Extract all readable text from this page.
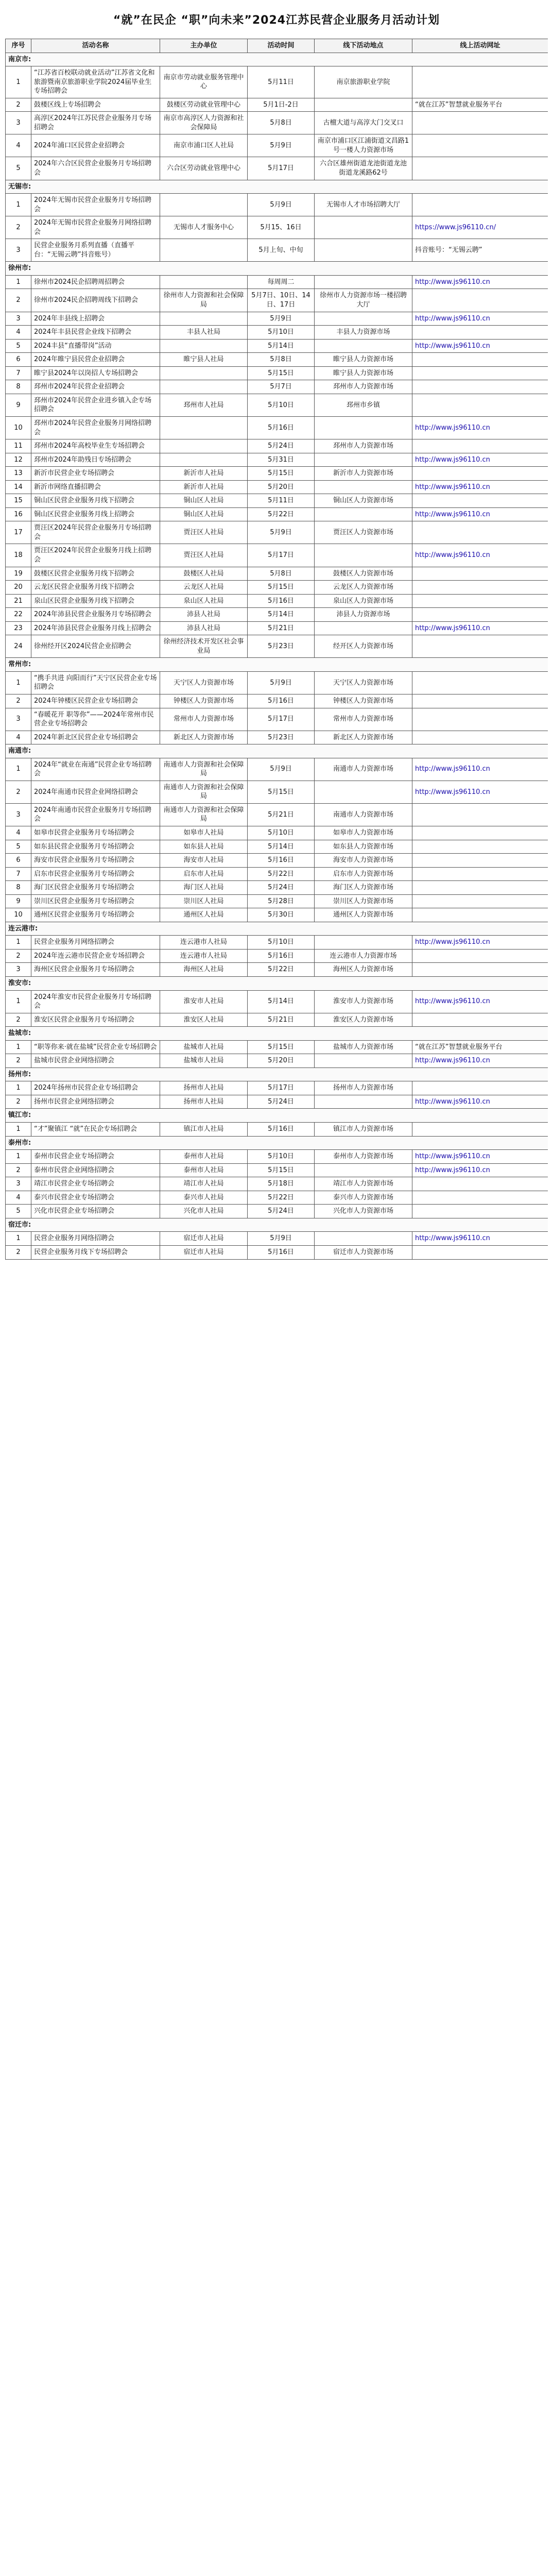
“就”在民企 “职”向未来”2024江苏民营企业服务月活动计划
序号	活动名称	主办单位	活动时间	线下活动地点	线上活动网址
南京市:					
1	“江苏省百校联动就业活动”江苏省文化和旅游暨南京旅游职业学院2024届毕业生专场招聘会	南京市劳动就业服务管理中心	5月11日	南京旅游职业学院	
2	鼓楼区线上专场招聘会	鼓楼区劳动就业管理中心	5月1日-2日		“就在江苏”智慧就业服务平台
3	高淳区2024年江苏民营企业服务月专场招聘会	南京市高淳区人力资源和社会保障局	5月8日	古檀大道与高淳大门交叉口	
4	2024年浦口区民营企业招聘会	南京市浦口区人社局	5月9日	南京市浦口区江浦街道文昌路1号一楼人力资源市场	
5	2024年六合区民营企业服务月专场招聘会	六合区劳动就业管理中心	5月17日	六合区雄州街道龙池街道龙池街道龙溪路62号	
无锡市:					
1	2024年无锡市民营企业服务月专场招聘会		5月9日	无锡市人才市场招聘大厅	
2	2024年无锡市民营企业服务月网络招聘会	无锡市人才服务中心	5月15、16日		https://www.js96110.cn/
3	民营企业服务月系列直播（直播平台：“无锡云聘”抖音账号）		5月上旬、中旬		抖音账号：“无锡云聘”
徐州市:					
1	徐州市2024民企招聘周招聘会		每周周二		http://www.js96110.cn
2	徐州市2024民企招聘周线下招聘会	徐州市人力资源和社会保障局	5月7日、10日、14日、17日	徐州市人力资源市场一楼招聘大厅	
3	2024年丰县线上招聘会		5月9日		http://www.js96110.cn
4	2024年丰县民营企业线下招聘会	丰县人社局	5月10日	丰县人力资源市场	
5	2024丰县“直播带岗”活动		5月14日		http://www.js96110.cn
6	2024年睢宁县民营企业招聘会	睢宁县人社局	5月8日	睢宁县人力资源市场	
7	睢宁县2024年以岗招人专场招聘会		5月15日	睢宁县人力资源市场	
8	邳州市2024年民营企业招聘会		5月7日	邳州市人力资源市场	
9	邳州市2024年民营企业进乡镇入企专场招聘会	邳州市人社局	5月10日	邳州市乡镇	
10	邳州市2024年民营企业服务月网络招聘会		5月16日		http://www.js96110.cn
11	邳州市2024年高校毕业生专场招聘会		5月24日	邳州市人力资源市场	
12	邳州市2024年助残日专场招聘会		5月31日		http://www.js96110.cn
13	新沂市民营企业专场招聘会	新沂市人社局	5月15日	新沂市人力资源市场	
14	新沂市网络直播招聘会	新沂市人社局	5月20日		http://www.js96110.cn
15	铜山区民营企业服务月线下招聘会	铜山区人社局	5月11日	铜山区人力资源市场	
16	铜山区民营企业服务月线上招聘会	铜山区人社局	5月22日		http://www.js96110.cn
17	贾汪区2024年民营企业服务月专场招聘会	贾汪区人社局	5月9日	贾汪区人力资源市场	
18	贾汪区2024年民营企业服务月线上招聘会	贾汪区人社局	5月17日		http://www.js96110.cn
19	鼓楼区民营企业服务月线下招聘会	鼓楼区人社局	5月8日	鼓楼区人力资源市场	
20	云龙区民营企业服务月线下招聘会	云龙区人社局	5月15日	云龙区人力资源市场	
21	泉山区民营企业服务月线下招聘会	泉山区人社局	5月16日	泉山区人力资源市场	
22	2024年沛县民营企业服务月专场招聘会	沛县人社局	5月14日	沛县人力资源市场	
23	2024年沛县民营企业服务月线上招聘会	沛县人社局	5月21日		http://www.js96110.cn
24	徐州经开区2024民营企业招聘会	徐州经济技术开发区社会事业局	5月23日	经开区人力资源市场	
常州市:					
1	“携手共进 向阳而行”天宁区民营企业专场招聘会	天宁区人力资源市场	5月9日	天宁区人力资源市场	
2	2024年钟楼区民营企业专场招聘会	钟楼区人力资源市场	5月16日	钟楼区人力资源市场	
3	“春暖花开 职等你”——2024年常州市民营企业专场招聘会	常州市人力资源市场	5月17日	常州市人力资源市场	
4	2024年新北区民营企业专场招聘会	新北区人力资源市场	5月23日	新北区人力资源市场	
南通市:					
1	2024年“就业在南通”民营企业专场招聘会	南通市人力资源和社会保障局	5月9日	南通市人力资源市场	http://www.js96110.cn
2	2024年南通市民营企业网络招聘会	南通市人力资源和社会保障局	5月15日		http://www.js96110.cn
3	2024年南通市民营企业服务月专场招聘会	南通市人力资源和社会保障局	5月21日	南通市人力资源市场	
4	如皋市民营企业服务月专场招聘会	如皋市人社局	5月10日	如皋市人力资源市场	
5	如东县民营企业服务月专场招聘会	如东县人社局	5月14日	如东县人力资源市场	
6	海安市民营企业服务月专场招聘会	海安市人社局	5月16日	海安市人力资源市场	
7	启东市民营企业服务月专场招聘会	启东市人社局	5月22日	启东市人力资源市场	
8	海门区民营企业服务月专场招聘会	海门区人社局	5月24日	海门区人力资源市场	
9	崇川区民营企业服务月专场招聘会	崇川区人社局	5月28日	崇川区人力资源市场	
10	通州区民营企业服务月专场招聘会	通州区人社局	5月30日	通州区人力资源市场	
连云港市:					
1	民营企业服务月网络招聘会	连云港市人社局	5月10日		http://www.js96110.cn
2	2024年连云港市民营企业专场招聘会	连云港市人社局	5月16日	连云港市人力资源市场	
3	海州区民营企业服务月专场招聘会	海州区人社局	5月22日	海州区人力资源市场	
淮安市:					
1	2024年淮安市民营企业服务月专场招聘会	淮安市人社局	5月14日	淮安市人力资源市场	http://www.js96110.cn
2	淮安区民营企业服务月专场招聘会	淮安区人社局	5月21日	淮安区人力资源市场	
盐城市:					
1	“职等你来·就在盐城”民营企业专场招聘会	盐城市人社局	5月15日	盐城市人力资源市场	“就在江苏”智慧就业服务平台
2	盐城市民营企业网络招聘会	盐城市人社局	5月20日		http://www.js96110.cn
扬州市:					
1	2024年扬州市民营企业专场招聘会	扬州市人社局	5月17日	扬州市人力资源市场	
2	扬州市民营企业网络招聘会	扬州市人社局	5月24日		http://www.js96110.cn
镇江市:					
1	“才”聚镇江 “就”在民企专场招聘会	镇江市人社局	5月16日	镇江市人力资源市场	
泰州市:					
1	泰州市民营企业专场招聘会	泰州市人社局	5月10日	泰州市人力资源市场	http://www.js96110.cn
2	泰州市民营企业网络招聘会	泰州市人社局	5月15日		http://www.js96110.cn
3	靖江市民营企业专场招聘会	靖江市人社局	5月18日	靖江市人力资源市场	
4	泰兴市民营企业专场招聘会	泰兴市人社局	5月22日	泰兴市人力资源市场	
5	兴化市民营企业专场招聘会	兴化市人社局	5月24日	兴化市人力资源市场	
宿迁市:					
1	民营企业服务月网络招聘会	宿迁市人社局	5月9日		http://www.js96110.cn
2	民营企业服务月线下专场招聘会	宿迁市人社局	5月16日	宿迁市人力资源市场	
